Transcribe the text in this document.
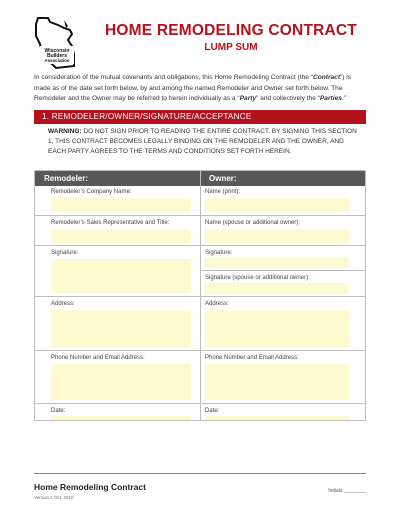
Wisconsin
Builders
Association
HOME REMODELING CONTRACT
LUMP SUM
In consideration of the mutual covenants and obligations, this Home Remodeling Contract (the “Contract”) is made as of the date set forth below, by and among the named Remodeler and Owner set forth below. The Remodeler and the Owner may be referred to herein individually as a “Party” and collectively the “Parties.”
1. REMODELER/OWNER/SIGNATURE/ACCEPTANCE
WARNING: DO NOT SIGN PRIOR TO READING THE ENTIRE CONTRACT. BY SIGNING THIS SECTION 1, THIS CONTRACT BECOMES LEGALLY BINDING ON THE REMODELER AND THE OWNER, AND EACH PARTY AGREES TO THE TERMS AND CONDITIONS SET FORTH HEREIN.
Remodeler:	Owner:
Remodeler’s Company Name:
Remodeler’s Sales Representative and Title:
Signature:
Address:
Phone Number and Email Address:
Date:
Name (print):
Name (spouse or additional owner):
Signature:
Signature (spouse or additional owner):
Address:
Phone Number and Email Address:
Date:
Home Remodeling Contract
Version 1 Oct. 2010
Initials ________
